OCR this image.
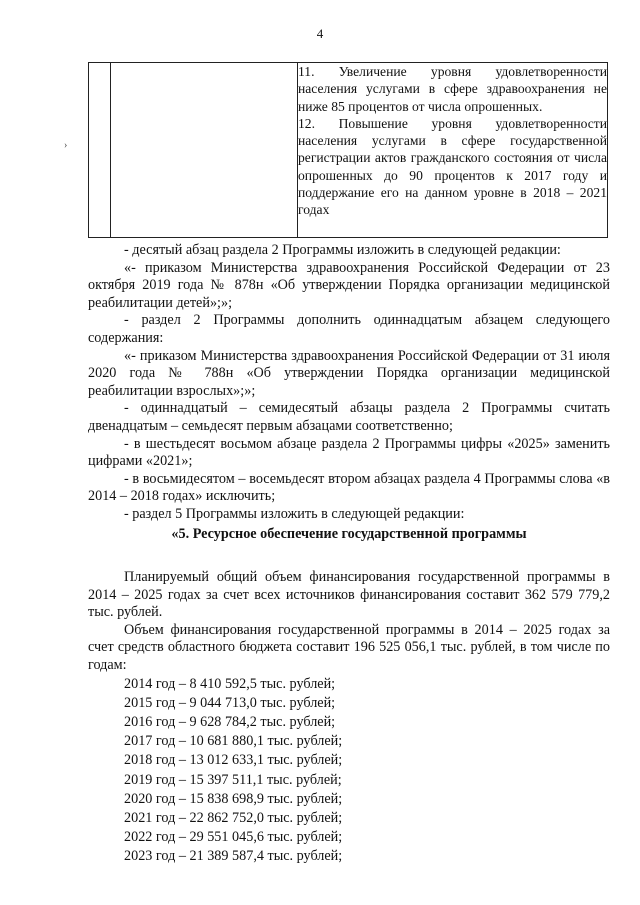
4
›

11. Увеличение уровня удовлетворенности населения услугами в сфере здравоохранения не ниже 85 процентов от числа опрошенных.

12. Повышение уровня удовлетворенности населения услугами в сфере государственной регистрации актов гражданского состояния от числа опрошенных до 90 процентов к 2017 году и поддержание его на данном уровне в 2018 – 2021 годах

- десятый абзац раздела 2 Программы изложить в следующей редакции:

«- приказом Министерства здравоохранения Российской Федерации от 23 октября 2019 года № 878н «Об утверждении Порядка организации медицинской реабилитации детей»;»;

- раздел 2 Программы дополнить одиннадцатым абзацем следующего содержания:

«- приказом Министерства здравоохранения Российской Федерации от 31 июля 2020 года № 788н «Об утверждении Порядка организации медицинской реабилитации взрослых»;»;

- одиннадцатый – семидесятый абзацы раздела 2 Программы считать двенадцатым – семьдесят первым абзацами соответственно;

- в шестьдесят восьмом абзаце раздела 2 Программы цифры «2025» заменить цифрами «2021»;

- в восьмидесятом – восемьдесят втором абзацах раздела 4 Программы слова «в 2014 – 2018 годах» исключить;

- раздел 5 Программы изложить в следующей редакции:

«5. Ресурсное обеспечение государственной программы

Планируемый общий объем финансирования государственной программы в 2014 – 2025 годах за счет всех источников финансирования составит 362 579 779,2 тыс. рублей.

Объем финансирования государственной программы в 2014 – 2025 годах за счет средств областного бюджета составит 196 525 056,1 тыс. рублей, в том числе по годам:

2014 год – 8 410 592,5 тыс. рублей;

2015 год – 9 044 713,0 тыс. рублей;

2016 год – 9 628 784,2 тыс. рублей;

2017 год – 10 681 880,1 тыс. рублей;

2018 год – 13 012 633,1 тыс. рублей;

2019 год – 15 397 511,1 тыс. рублей;

2020 год – 15 838 698,9 тыс. рублей;

2021 год – 22 862 752,0 тыс. рублей;

2022 год – 29 551 045,6 тыс. рублей;

2023 год – 21 389 587,4 тыс. рублей;
